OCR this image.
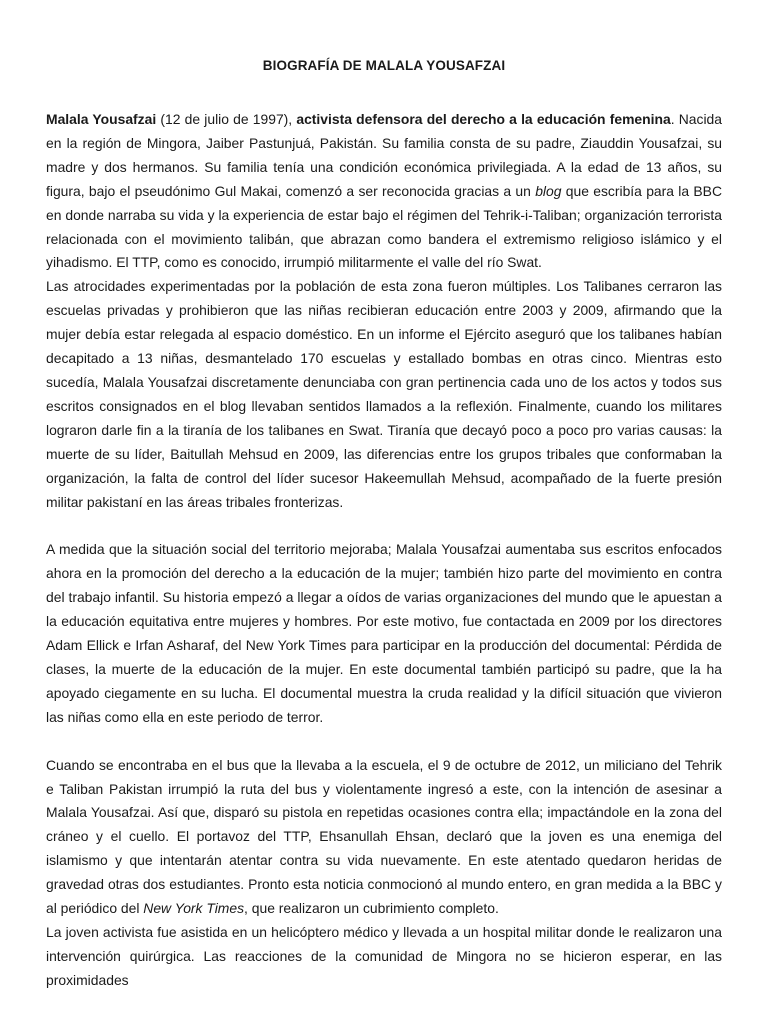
BIOGRAFÍA DE MALALA YOUSAFZAI

Malala Yousafzai (12 de julio de 1997), activista defensora del derecho a la educación femenina. Nacida en la región de Mingora, Jaiber Pastunjuá, Pakistán. Su familia consta de su padre, Ziauddin Yousafzai, su madre y dos hermanos. Su familia tenía una condición económica privilegiada. A la edad de 13 años, su figura, bajo el pseudónimo Gul Makai, comenzó a ser reconocida gracias a un blog que escribía para la BBC en donde narraba su vida y la experiencia de estar bajo el régimen del Tehrik-i-Taliban; organización terrorista relacionada con el movimiento talibán, que abrazan como bandera el extremismo religioso islámico y el yihadismo. El TTP, como es conocido, irrumpió militarmente el valle del río Swat.

Las atrocidades experimentadas por la población de esta zona fueron múltiples. Los Talibanes cerraron las escuelas privadas y prohibieron que las niñas recibieran educación entre 2003 y 2009, afirmando que la mujer debía estar relegada al espacio doméstico. En un informe el Ejército aseguró que los talibanes habían decapitado a 13 niñas, desmantelado 170 escuelas y estallado bombas en otras cinco. Mientras esto sucedía, Malala Yousafzai discretamente denunciaba con gran pertinencia cada uno de los actos y todos sus escritos consignados en el blog llevaban sentidos llamados a la reflexión. Finalmente, cuando los militares lograron darle fin a la tiranía de los talibanes en Swat. Tiranía que decayó poco a poco pro varias causas: la muerte de su líder, Baitullah Mehsud en 2009, las diferencias entre los grupos tribales que conformaban la organización, la falta de control del líder sucesor Hakeemullah Mehsud, acompañado de la fuerte presión militar pakistaní en las áreas tribales fronterizas.

A medida que la situación social del territorio mejoraba; Malala Yousafzai aumentaba sus escritos enfocados ahora en la promoción del derecho a la educación de la mujer; también hizo parte del movimiento en contra del trabajo infantil. Su historia empezó a llegar a oídos de varias organizaciones del mundo que le apuestan a la educación equitativa entre mujeres y hombres. Por este motivo, fue contactada en 2009 por los directores Adam Ellick e Irfan Asharaf, del New York Times para participar en la producción del documental: Pérdida de clases, la muerte de la educación de la mujer. En este documental también participó su padre, que la ha apoyado ciegamente en su lucha. El documental muestra la cruda realidad y la difícil situación que vivieron las niñas como ella en este periodo de terror.

Cuando se encontraba en el bus que la llevaba a la escuela, el 9 de octubre de 2012, un miliciano del Tehrik e Taliban Pakistan irrumpió la ruta del bus y violentamente ingresó a este, con la intención de asesinar a Malala Yousafzai. Así que, disparó su pistola en repetidas ocasiones contra ella; impactándole en la zona del cráneo y el cuello. El portavoz del TTP, Ehsanullah Ehsan, declaró que la joven es una enemiga del islamismo y que intentarán atentar contra su vida nuevamente. En este atentado quedaron heridas de gravedad otras dos estudiantes. Pronto esta noticia conmocionó al mundo entero, en gran medida a la BBC y al periódico del New York Times, que realizaron un cubrimiento completo.

La joven activista fue asistida en un helicóptero médico y llevada a un hospital militar donde le realizaron una intervención quirúrgica. Las reacciones de la comunidad de Mingora no se hicieron esperar, en las proximidades
